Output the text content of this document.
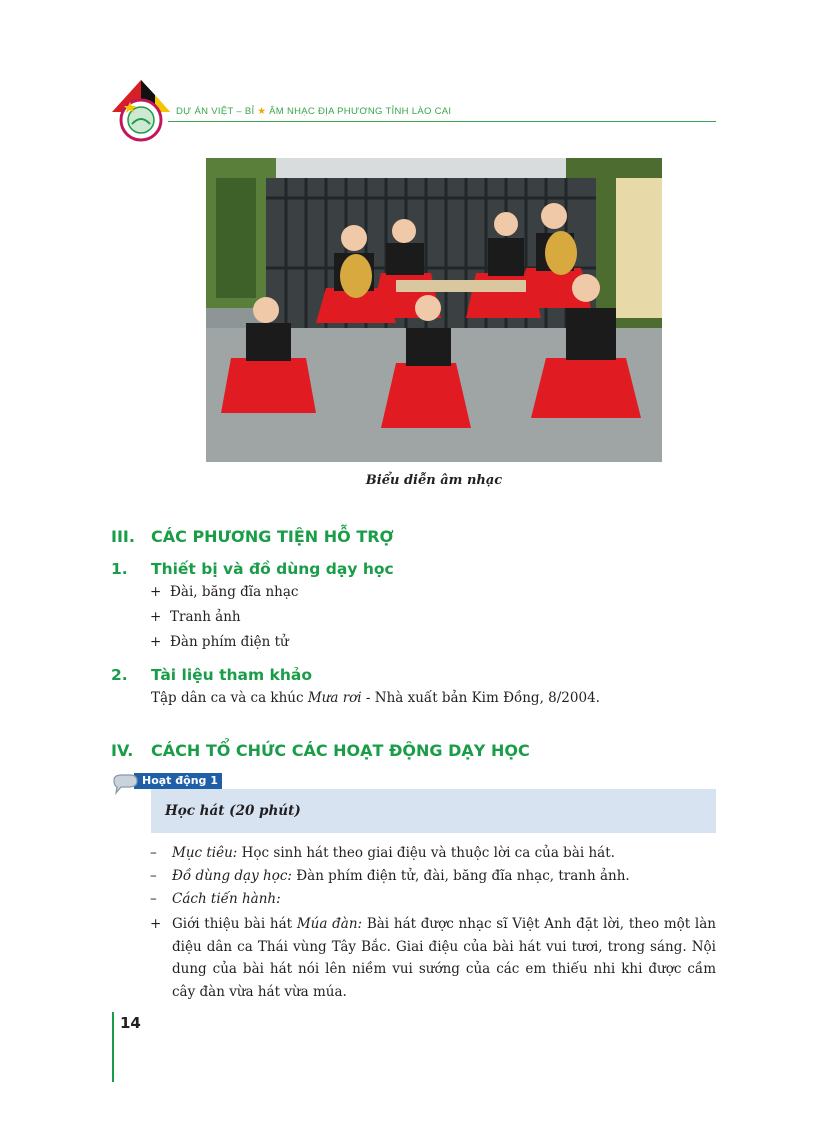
DỰ ÁN VIỆT – BỈ ★ ÂM NHẠC ĐỊA PHƯƠNG TỈNH LÀO CAI
Biểu diễn âm nhạc
III. CÁC PHƯƠNG TIỆN HỖ TRỢ
1. Thiết bị và đồ dùng dạy học
+ Đài, băng đĩa nhạc
+ Tranh ảnh
+ Đàn phím điện tử
2. Tài liệu tham khảo
Tập dân ca và ca khúc Mưa rơi - Nhà xuất bản Kim Đồng, 8/2004.
IV. CÁCH TỔ CHỨC CÁC HOẠT ĐỘNG DẠY HỌC
Hoạt động 1
Học hát (20 phút)
– Mục tiêu: Học sinh hát theo giai điệu và thuộc lời ca của bài hát.
– Đồ dùng dạy học: Đàn phím điện tử, đài, băng đĩa nhạc, tranh ảnh.
– Cách tiến hành:
+ Giới thiệu bài hát Múa đàn: Bài hát được nhạc sĩ Việt Anh đặt lời, theo một làn điệu dân ca Thái vùng Tây Bắc. Giai điệu của bài hát vui tươi, trong sáng. Nội dung của bài hát nói lên niềm vui sướng của các em thiếu nhi khi được cầm cây đàn vừa hát vừa múa.
14
